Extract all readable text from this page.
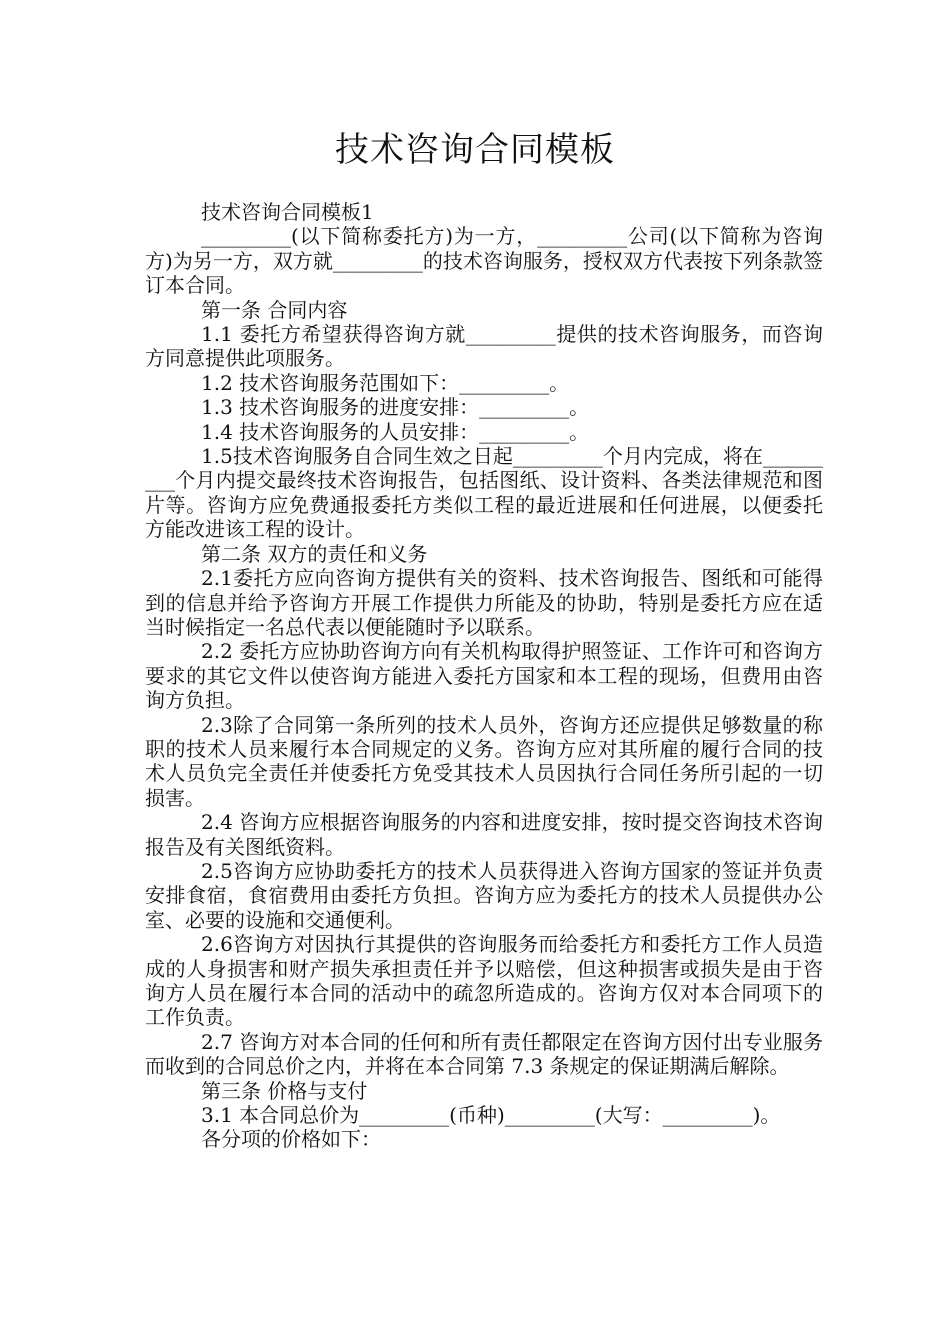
技术咨询合同模板

技术咨询合同模板1

_________(以下简称委托方)为一方，_________公司(以下简称为咨询方)为另一方，双方就_________的技术咨询服务，授权双方代表按下列条款签订本合同。

第一条 合同内容

1.1 委托方希望获得咨询方就_________提供的技术咨询服务，而咨询方同意提供此项服务。

1.2 技术咨询服务范围如下：_________。

1.3 技术咨询服务的进度安排：_________。

1.4 技术咨询服务的人员安排：_________。

1.5技术咨询服务自合同生效之日起_________个月内完成，将在_________个月内提交最终技术咨询报告，包括图纸、设计资料、各类法律规范和图片等。咨询方应免费通报委托方类似工程的最近进展和任何进展，以便委托方能改进该工程的设计。

第二条 双方的责任和义务

2.1委托方应向咨询方提供有关的资料、技术咨询报告、图纸和可能得到的信息并给予咨询方开展工作提供力所能及的协助，特别是委托方应在适当时候指定一名总代表以便能随时予以联系。

2.2 委托方应协助咨询方向有关机构取得护照签证、工作许可和咨询方要求的其它文件以使咨询方能进入委托方国家和本工程的现场，但费用由咨询方负担。

2.3除了合同第一条所列的技术人员外，咨询方还应提供足够数量的称职的技术人员来履行本合同规定的义务。咨询方应对其所雇的履行合同的技术人员负完全责任并使委托方免受其技术人员因执行合同任务所引起的一切损害。

2.4 咨询方应根据咨询服务的内容和进度安排，按时提交咨询技术咨询报告及有关图纸资料。

2.5咨询方应协助委托方的技术人员获得进入咨询方国家的签证并负责安排食宿，食宿费用由委托方负担。咨询方应为委托方的技术人员提供办公室、必要的设施和交通便利。

2.6咨询方对因执行其提供的咨询服务而给委托方和委托方工作人员造成的人身损害和财产损失承担责任并予以赔偿，但这种损害或损失是由于咨询方人员在履行本合同的活动中的疏忽所造成的。咨询方仅对本合同项下的工作负责。

2.7 咨询方对本合同的任何和所有责任都限定在咨询方因付出专业服务而收到的合同总价之内，并将在本合同第 7.3 条规定的保证期满后解除。

第三条 价格与支付

3.1 本合同总价为_________(币种)_________(大写：_________)。

各分项的价格如下：
